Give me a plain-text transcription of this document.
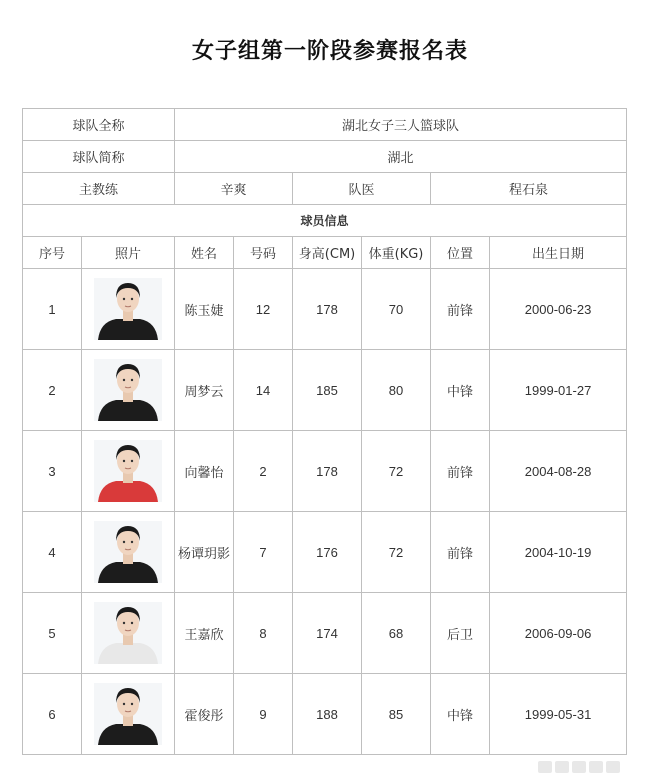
女子组第一阶段参赛报名表
球队全称		湖北女子三人篮球队					
球队简称		湖北					
主教练		辛爽		队医		程石泉	
球员信息							
序号	照片	姓名	号码	身高(CM)	体重(KG)	位置	出生日期
1		陈玉婕	12	178	70	前锋	2000-06-23
2		周梦云	14	185	80	中锋	1999-01-27
3		向馨怡	2	178	72	前锋	2004-08-28
4		杨谭玥影	7	176	72	前锋	2004-10-19
5		王嘉欣	8	174	68	后卫	2006-09-06
6		霍俊彤	9	188	85	中锋	1999-05-31
